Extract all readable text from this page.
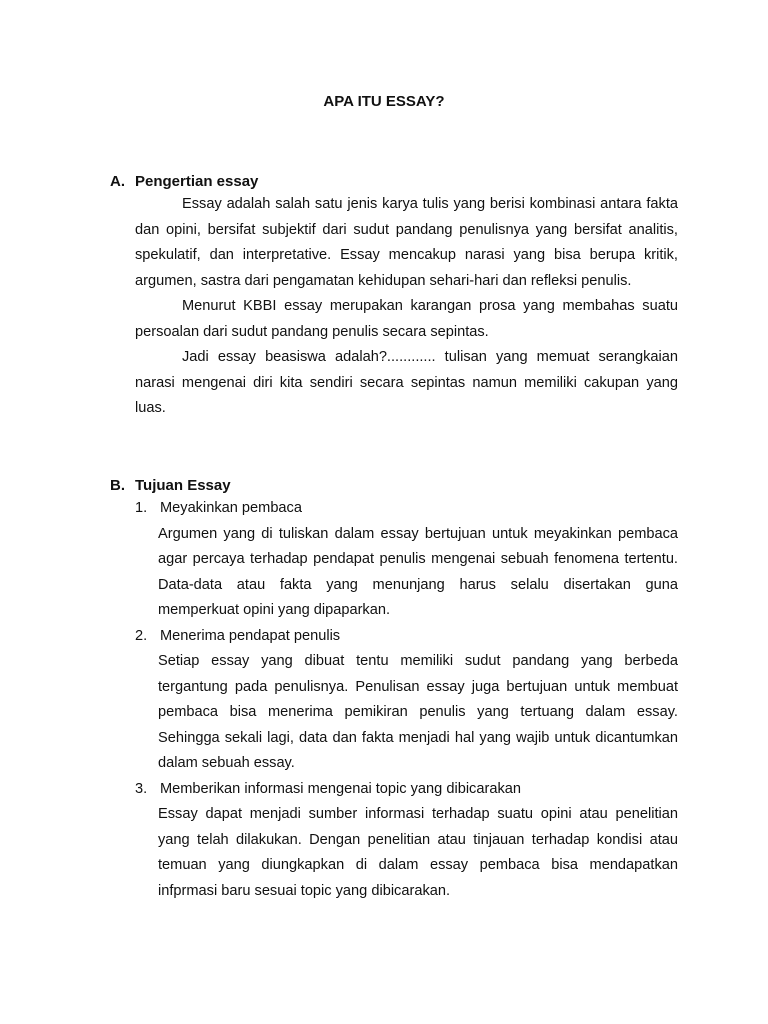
APA ITU ESSAY?
A. Pengertian essay

Essay adalah salah satu jenis karya tulis yang berisi kombinasi antara fakta dan opini, bersifat subjektif dari sudut pandang penulisnya yang bersifat analitis, spekulatif, dan interpretative. Essay mencakup narasi yang bisa berupa kritik, argumen, sastra dari pengamatan kehidupan sehari-hari dan refleksi penulis.

Menurut KBBI essay merupakan karangan prosa yang membahas suatu persoalan dari sudut pandang penulis secara sepintas.

Jadi essay beasiswa adalah?............ tulisan yang memuat serangkaian narasi mengenai diri kita sendiri secara sepintas namun memiliki cakupan yang luas.

B. Tujuan Essay
1. Meyakinkan pembaca

Argumen yang di tuliskan dalam essay bertujuan untuk meyakinkan pembaca agar percaya terhadap pendapat penulis mengenai sebuah fenomena tertentu. Data-data atau fakta yang menunjang harus selalu disertakan guna memperkuat opini yang dipaparkan.

2. Menerima pendapat penulis

Setiap essay yang dibuat tentu memiliki sudut pandang yang berbeda tergantung pada penulisnya. Penulisan essay juga bertujuan untuk membuat pembaca bisa menerima pemikiran penulis yang tertuang dalam essay. Sehingga sekali lagi, data dan fakta menjadi hal yang wajib untuk dicantumkan dalam sebuah essay.

3. Memberikan informasi mengenai topic yang dibicarakan

Essay dapat menjadi sumber informasi terhadap suatu opini atau penelitian yang telah dilakukan. Dengan penelitian atau tinjauan terhadap kondisi atau temuan yang diungkapkan di dalam essay pembaca bisa mendapatkan infprmasi baru sesuai topic yang dibicarakan.
